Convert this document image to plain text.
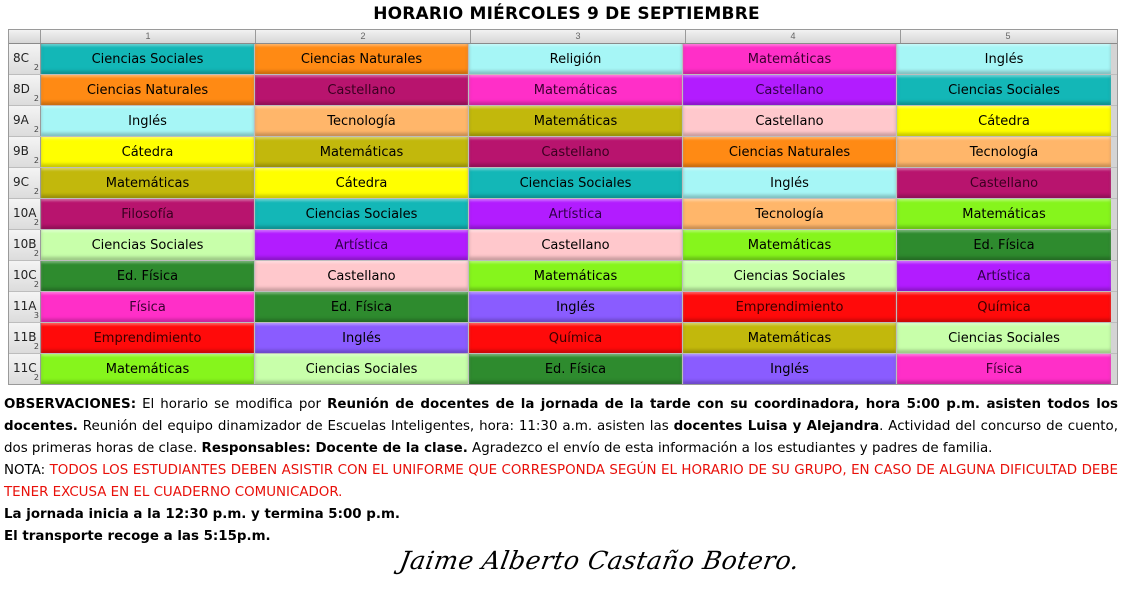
HORARIO MIÉRCOLES 9 DE SEPTIEMBRE
1	2	3	4	5
8C
2
Ciencias Sociales	Ciencias Naturales	Religión	Matemáticas	Inglés
8D
2
Ciencias Naturales	Castellano	Matemáticas	Castellano	Ciencias Sociales
9A
2
Inglés	Tecnología	Matemáticas	Castellano	Cátedra
9B
2
Cátedra	Matemáticas	Castellano	Ciencias Naturales	Tecnología
9C
2
Matemáticas	Cátedra	Ciencias Sociales	Inglés	Castellano
10A
2
Filosofía	Ciencias Sociales	Artística	Tecnología	Matemáticas
10B
2
Ciencias Sociales	Artística	Castellano	Matemáticas	Ed. Física
10C
2
Ed. Física	Castellano	Matemáticas	Ciencias Sociales	Artística
11A
3
Física	Ed. Física	Inglés	Emprendimiento	Química
11B
2
Emprendimiento	Inglés	Química	Matemáticas	Ciencias Sociales
11C
2
Matemáticas	Ciencias Sociales	Ed. Física	Inglés	Física

OBSERVACIONES: El horario se modifica por Reunión de docentes de la jornada de la tarde con su coordinadora, hora 5:00 p.m. asisten todos los docentes. Reunión del equipo dinamizador de Escuelas Inteligentes, hora: 11:30 a.m. asisten las docentes Luisa y Alejandra. Actividad del concurso de cuento, dos primeras horas de clase. Responsables: Docente de la clase. Agradezco el envío de esta información a los estudiantes y padres de familia.

NOTA: TODOS LOS ESTUDIANTES DEBEN ASISTIR CON EL UNIFORME QUE CORRESPONDA SEGÚN EL HORARIO DE SU GRUPO, EN CASO DE ALGUNA DIFICULTAD DEBE TENER EXCUSA EN EL CUADERNO COMUNICADOR.

La jornada inicia a la 12:30 p.m. y termina 5:00 p.m.

El transporte recoge a las 5:15p.m.

Jaime Alberto Castaño Botero.
